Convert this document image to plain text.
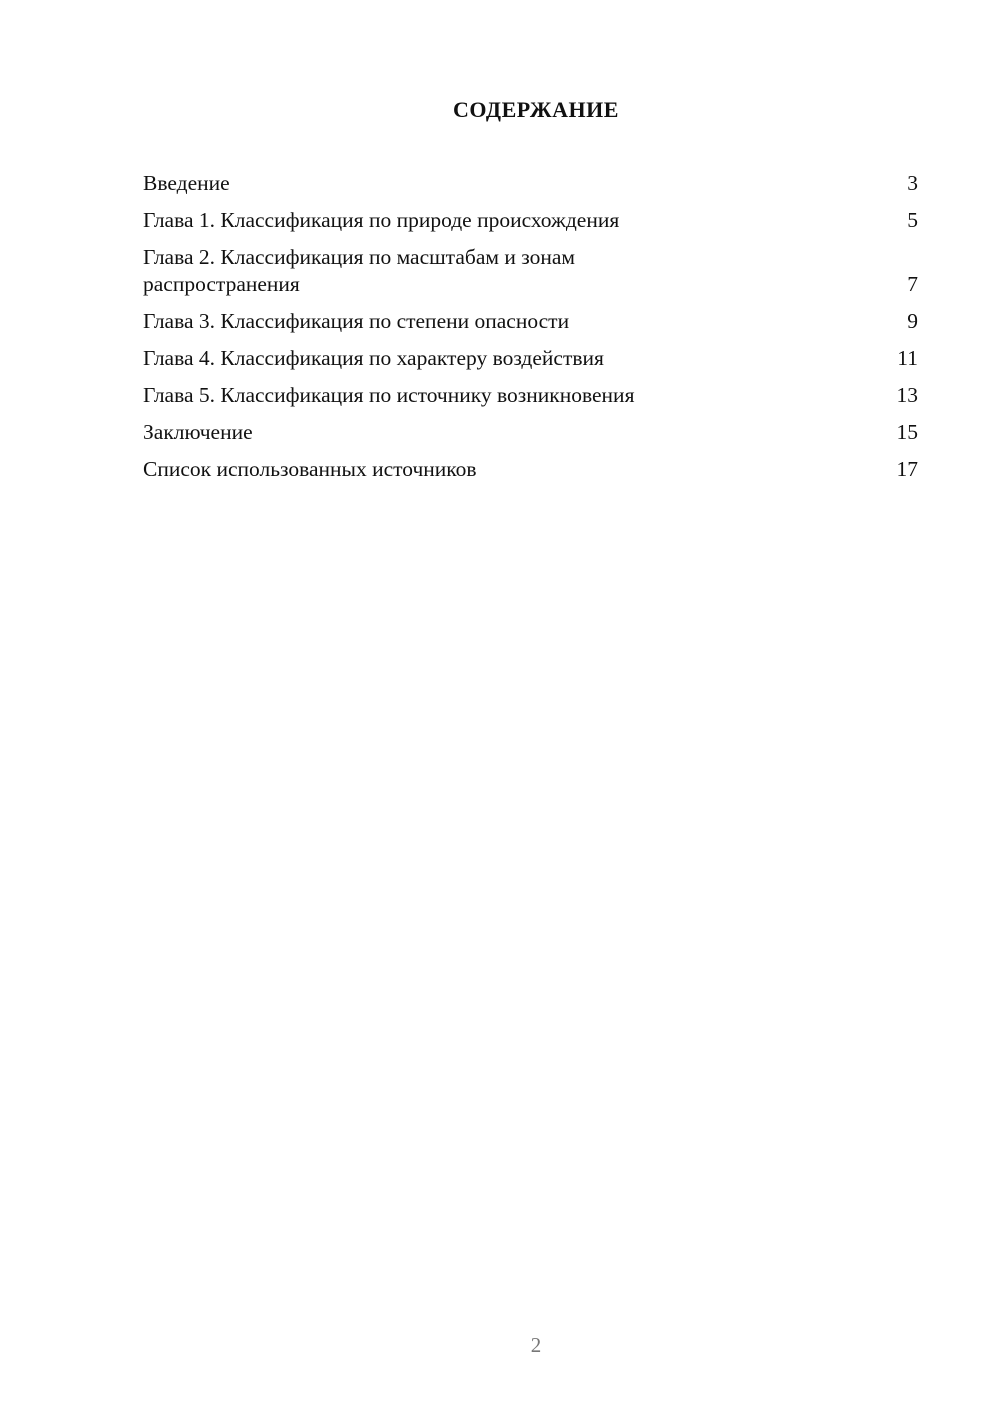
СОДЕРЖАНИЕ
Введение	3
Глава 1. Классификация по природе происхождения	5
Глава 2. Классификация по масштабам и зонам распространения	7
Глава 3. Классификация по степени опасности	9
Глава 4. Классификация по характеру воздействия	11
Глава 5. Классификация по источнику возникновения	13
Заключение	15
Список использованных источников	17
2
